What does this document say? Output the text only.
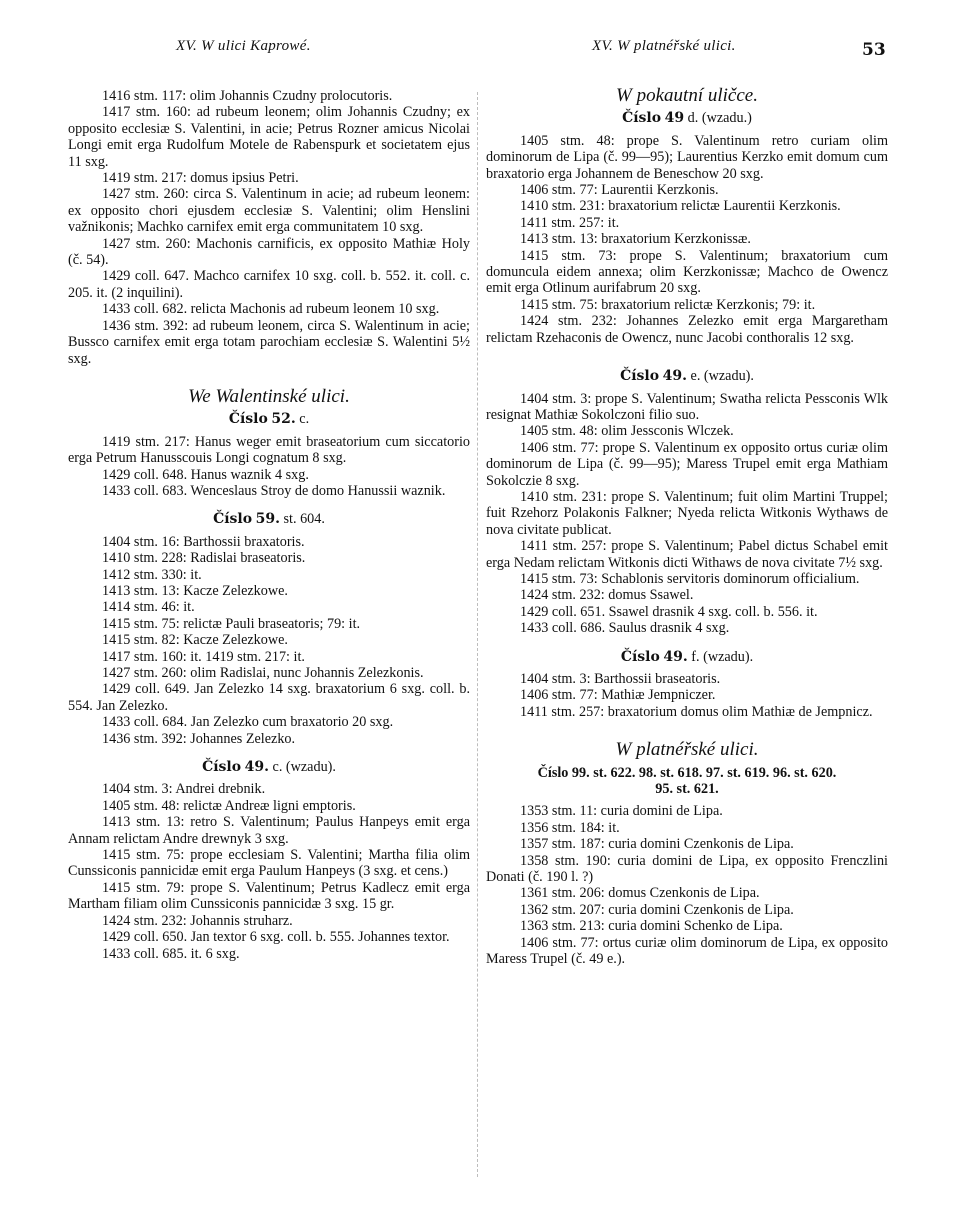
XV. W ulici Kaprowé.	XV. W platnéřské ulici.	53

1416 stm. 117: olim Johannis Czudny prolocutoris.

1417 stm. 160: ad rubeum leonem; olim Johannis Czudny; ex opposito ecclesiæ S. Valentini, in acie; Petrus Rozner amicus Nicolai Longi emit erga Rudolfum Motele de Rabenspurk et societatem ejus 11 sxg.

1419 stm. 217: domus ipsius Petri.

1427 stm. 260: circa S. Valentinum in acie; ad rubeum leonem: ex opposito chori ejusdem ecclesiæ S. Valentini; olim Henslini važnikonis; Machko carnifex emit erga communitatem 10 sxg.

1427 stm. 260: Machonis carnificis, ex opposito Mathiæ Holy (č. 54).

1429 coll. 647. Machco carnifex 10 sxg. coll. b. 552. it. coll. c. 205. it. (2 inquilini).

1433 coll. 682. relicta Machonis ad rubeum leonem 10 sxg.

1436 stm. 392: ad rubeum leonem, circa S. Walentinum in acie; Bussco carnifex emit erga totam parochiam ecclesiæ S. Walentini 5½ sxg.

We Walentinské ulici.

Číslo 52. c.

1419 stm. 217: Hanus weger emit braseatorium cum siccatorio erga Petrum Hanusscouis Longi cognatum 8 sxg.

1429 coll. 648. Hanus waznik 4 sxg.

1433 coll. 683. Wenceslaus Stroy de domo Hanussii waznik.

Číslo 59. st. 604.

1404 stm. 16: Barthossii braxatoris.

1410 stm. 228: Radislai braseatoris.

1412 stm. 330: it.

1413 stm. 13: Kacze Zelezkowe.

1414 stm. 46: it.

1415 stm. 75: relictæ Pauli braseatoris; 79: it.

1415 stm. 82: Kacze Zelezkowe.

1417 stm. 160: it. 1419 stm. 217: it.

1427 stm. 260: olim Radislai, nunc Johannis Zelezkonis.

1429 coll. 649. Jan Zelezko 14 sxg. braxatorium 6 sxg. coll. b. 554. Jan Zelezko.

1433 coll. 684. Jan Zelezko cum braxatorio 20 sxg.

1436 stm. 392: Johannes Zelezko.

Číslo 49. c. (wzadu).

1404 stm. 3: Andrei drebnik.

1405 stm. 48: relictæ Andreæ ligni emptoris.

1413 stm. 13: retro S. Valentinum; Paulus Hanpeys emit erga Annam relictam Andre drewnyk 3 sxg.

1415 stm. 75: prope ecclesiam S. Valentini; Martha filia olim Cunssiconis pannicidæ emit erga Paulum Hanpeys (3 sxg. et cens.)

1415 stm. 79: prope S. Valentinum; Petrus Kadlecz emit erga Martham filiam olim Cunssiconis pannicidæ 3 sxg. 15 gr.

1424 stm. 232: Johannis struharz.

1429 coll. 650. Jan textor 6 sxg. coll. b. 555. Johannes textor.

1433 coll. 685. it. 6 sxg.

W pokautní uličce.

Číslo 49 d. (wzadu.)

1405 stm. 48: prope S. Valentinum retro curiam olim dominorum de Lipa (č. 99—95); Laurentius Kerzko emit domum cum braxatorio erga Johannem de Beneschow 20 sxg.

1406 stm. 77: Laurentii Kerzkonis.

1410 stm. 231: braxatorium relictæ Laurentii Kerzkonis.

1411 stm. 257: it.

1413 stm. 13: braxatorium Kerzkonissæ.

1415 stm. 73: prope S. Valentinum; braxatorium cum domuncula eidem annexa; olim Kerzkonissæ; Machco de Owencz emit erga Otlinum aurifabrum 20 sxg.

1415 stm. 75: braxatorium relictæ Kerzkonis; 79: it.

1424 stm. 232: Johannes Zelezko emit erga Margaretham relictam Rzehaconis de Owencz, nunc Jacobi conthoralis 12 sxg.

Číslo 49. e. (wzadu).

1404 stm. 3: prope S. Valentinum; Swatha relicta Pessconis Wlk resignat Mathiæ Sokolczoni filio suo.

1405 stm. 48: olim Jessconis Wlczek.

1406 stm. 77: prope S. Valentinum ex opposito ortus curiæ olim dominorum de Lipa (č. 99—95); Maress Trupel emit erga Mathiam Sokolczie 8 sxg.

1410 stm. 231: prope S. Valentinum; fuit olim Martini Truppel; fuit Rzehorz Polakonis Falkner; Nyeda relicta Witkonis Wythaws de nova civitate publicat.

1411 stm. 257: prope S. Valentinum; Pabel dictus Schabel emit erga Nedam relictam Witkonis dicti Withaws de nova civitate 7½ sxg.

1415 stm. 73: Schablonis servitoris dominorum officialium.

1424 stm. 232: domus Ssawel.

1429 coll. 651. Ssawel drasnik 4 sxg. coll. b. 556. it.

1433 coll. 686. Saulus drasnik 4 sxg.

Číslo 49. f. (wzadu).

1404 stm. 3: Barthossii braseatoris.

1406 stm. 77: Mathiæ Jempniczer.

1411 stm. 257: braxatorium domus olim Mathiæ de Jempnicz.

W platnéřské ulici.

Číslo 99. st. 622. 98. st. 618. 97. st. 619. 96. st. 620.

95. st. 621.

1353 stm. 11: curia domini de Lipa.

1356 stm. 184: it.

1357 stm. 187: curia domini Czenkonis de Lipa.

1358 stm. 190: curia domini de Lipa, ex opposito Frenczlini Donati (č. 190 l. ?)

1361 stm. 206: domus Czenkonis de Lipa.

1362 stm. 207: curia domini Czenkonis de Lipa.

1363 stm. 213: curia domini Schenko de Lipa.

1406 stm. 77: ortus curiæ olim dominorum de Lipa, ex opposito Maress Trupel (č. 49 e.).
